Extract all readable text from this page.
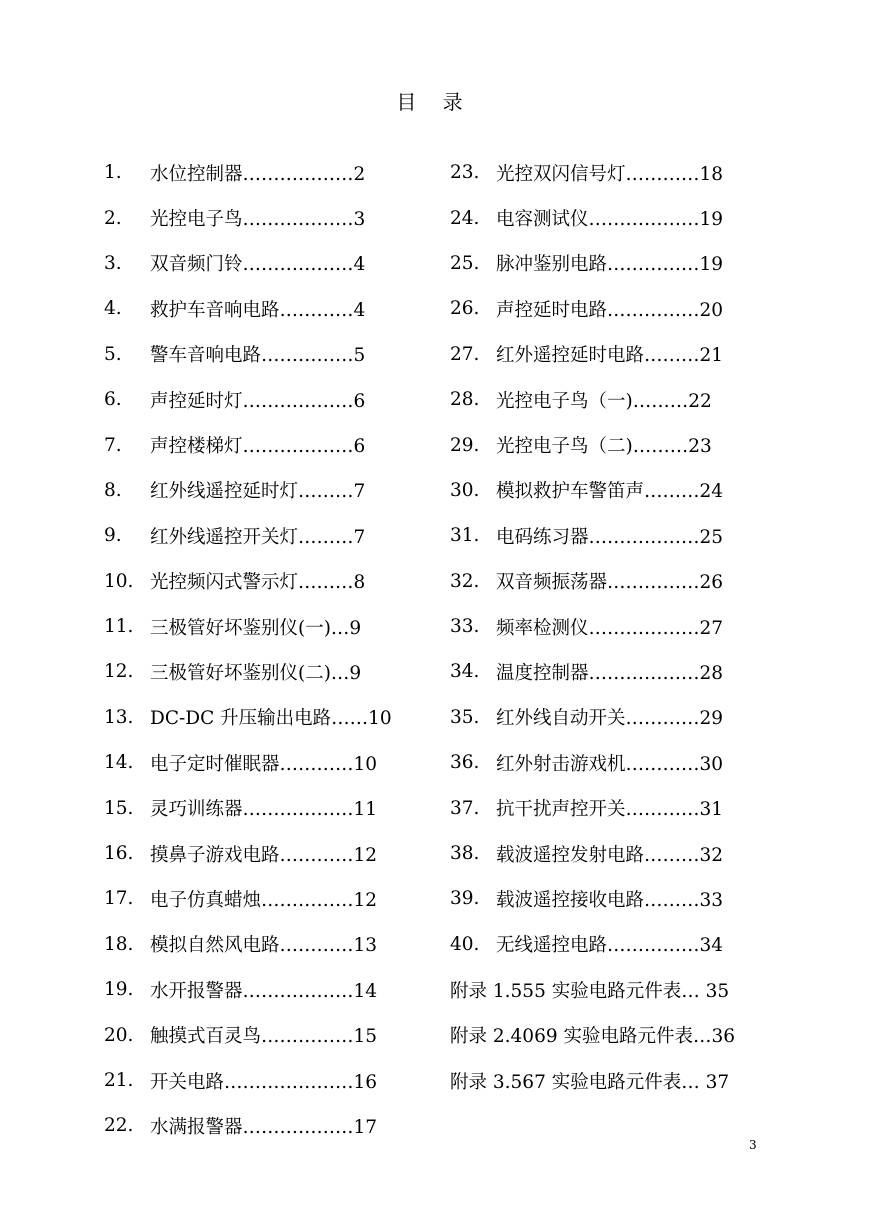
目 录
1.	水位控制器………………2
2.	光控电子鸟………………3
3.	双音频门铃………………4
4.	救护车音响电路…………4
5.	警车音响电路……………5
6.	声控延时灯………………6
7.	声控楼梯灯………………6
8.	红外线遥控延时灯………7
9.	红外线遥控开关灯………7
10. 光控频闪式警示灯………8
11. 三极管好坏鉴别仪(一)…9
12. 三极管好坏鉴别仪(二)…9
13. DC-DC 升压输出电路……10
14. 电子定时催眠器…………10
15. 灵巧训练器………………11
16. 摸鼻子游戏电路…………12
17. 电子仿真蜡烛……………12
18. 模拟自然风电路…………13
19. 水开报警器………………14
20. 触摸式百灵鸟……………15
21. 开关电路…………………16
22. 水满报警器………………17
23. 光控双闪信号灯…………18
24. 电容测试仪………………19
25. 脉冲鉴别电路……………19
26. 声控延时电路……………20
27. 红外遥控延时电路………21
28. 光控电子鸟（一)………22
29. 光控电子鸟（二)………23
30. 模拟救护车警笛声………24
31. 电码练习器………………25
32. 双音频振荡器……………26
33. 频率检测仪………………27
34. 温度控制器………………28
35. 红外线自动开关…………29
36. 红外射击游戏机…………30
37. 抗干扰声控开关…………31
38. 载波遥控发射电路………32
39. 载波遥控接收电路………33
40. 无线遥控电路……………34
附录 1.555 实验电路元件表… 35
附录 2.4069 实验电路元件表…36
附录 3.567 实验电路元件表… 37
3
